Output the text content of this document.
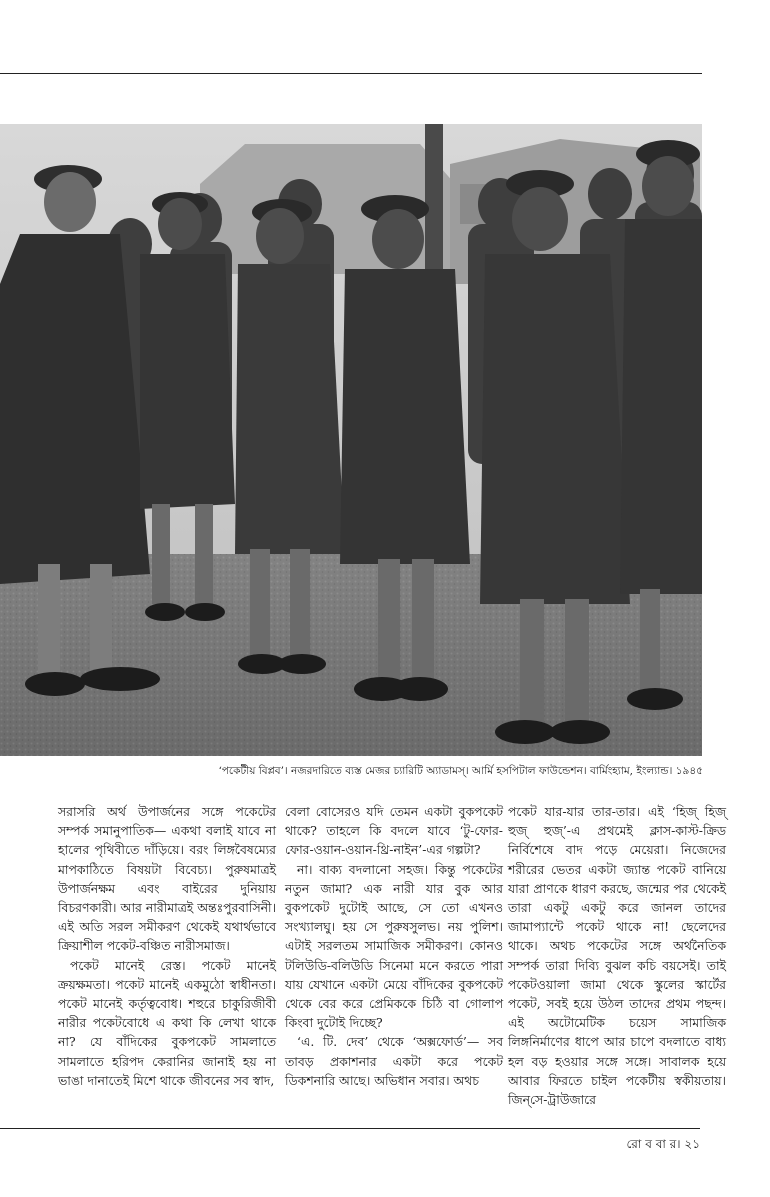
‘পকেটীয় বিপ্লব’। নজরদারিতে ব্যস্ত মেজর চ্যারিটি অ্যাডামস্। আর্মি হসপিটাল ফাউন্ডেশন। বার্মিংহ্যাম, ইংল্যান্ড। ১৯৪৫

সরাসরি অর্থ উপার্জনের সঙ্গে পকেটের সম্পর্ক সমানুপাতিক— একথা বলাই যাবে না হালের পৃথিবীতে দাঁড়িয়ে। বরং লিঙ্গবৈষম্যের মাপকাঠিতে বিষয়টা বিবেচ্য। পুরুষমাত্রই উপার্জনক্ষম এবং বাইরের দুনিয়ায় বিচরণকারী। আর নারীমাত্রই অন্তঃপুরবাসিনী। এই অতি সরল সমীকরণ থেকেই যথার্থভাবে ক্রিয়াশীল পকেট-বঞ্চিত নারীসমাজ।

পকেট মানেই রেস্ত। পকেট মানেই ক্রয়ক্ষমতা। পকেট মানেই একমুঠো স্বাধীনতা। পকেট মানেই কর্তৃত্ববোধ। শহুরে চাকুরিজীবী নারীর পকেটবোধে এ কথা কি লেখা থাকে না? যে বাঁদিকের বুকপকেট সামলাতে সামলাতে হরিপদ কেরানির জানাই হয় না ভাঙা দানাতেই মিশে থাকে জীবনের সব স্বাদ,

বেলা বোসেরও যদি তেমন একটা বুকপকেট থাকে? তাহলে কি বদলে যাবে ‘টু-ফোর-ফোর-ওয়ান-ওয়ান-থ্রি-নাইন’-এর গল্পটা?

না। বাক্য বদলানো সহজ। কিন্তু পকেটের নতুন জামা? এক নারী যার বুক আর বুকপকেট দুটোই আছে, সে তো এখনও সংখ্যালঘু। হয় সে পুরুষসুলভ। নয় পুলিশ। এটাই সরলতম সামাজিক সমীকরণ। কোনও টলিউডি-বলিউডি সিনেমা মনে করতে পারা যায় যেখানে একটা মেয়ে বাঁদিকের বুকপকেট থেকে বের করে প্রেমিককে চিঠি বা গোলাপ কিংবা দুটোই দিচ্ছে?

‘এ. টি. দেব’ থেকে ‘অক্সফোর্ড’— সব তাবড় প্রকাশনার একটা করে পকেট ডিকশনারি আছে। অভিধান সবার। অথচ

পকেট যার-যার তার-তার। এই ‘হিজ্ হিজ্ হুজ্ হুজ্’-এ প্রথমেই ক্লাস-কাস্ট-ক্রিড নির্বিশেষে বাদ পড়ে মেয়েরা। নিজেদের শরীরের ভেতর একটা জ্যান্ত পকেট বানিয়ে যারা প্রাণকে ধারণ করছে, জন্মের পর থেকেই তারা একটু একটু করে জানল তাদের জামাপ্যান্টে পকেট থাকে না! ছেলেদের থাকে। অথচ পকেটের সঙ্গে অর্থনৈতিক সম্পর্ক তারা দিব্যি বুঝল কচি বয়সেই। তাই পকেটওয়ালা জামা থেকে স্কুলের স্কার্টের পকেট, সবই হয়ে উঠল তাদের প্রথম পছন্দ। এই অটোমেটিক চয়েস সামাজিক লিঙ্গনির্মাণের ধাপে আর চাপে বদলাতে বাধ্য হল বড় হওয়ার সঙ্গে সঙ্গে। সাবালক হয়ে আবার ফিরতে চাইল পকেটীয় স্বকীয়তায়। জিন্‌সে-ট্রাউজারে

রো ব বা র। ২১
